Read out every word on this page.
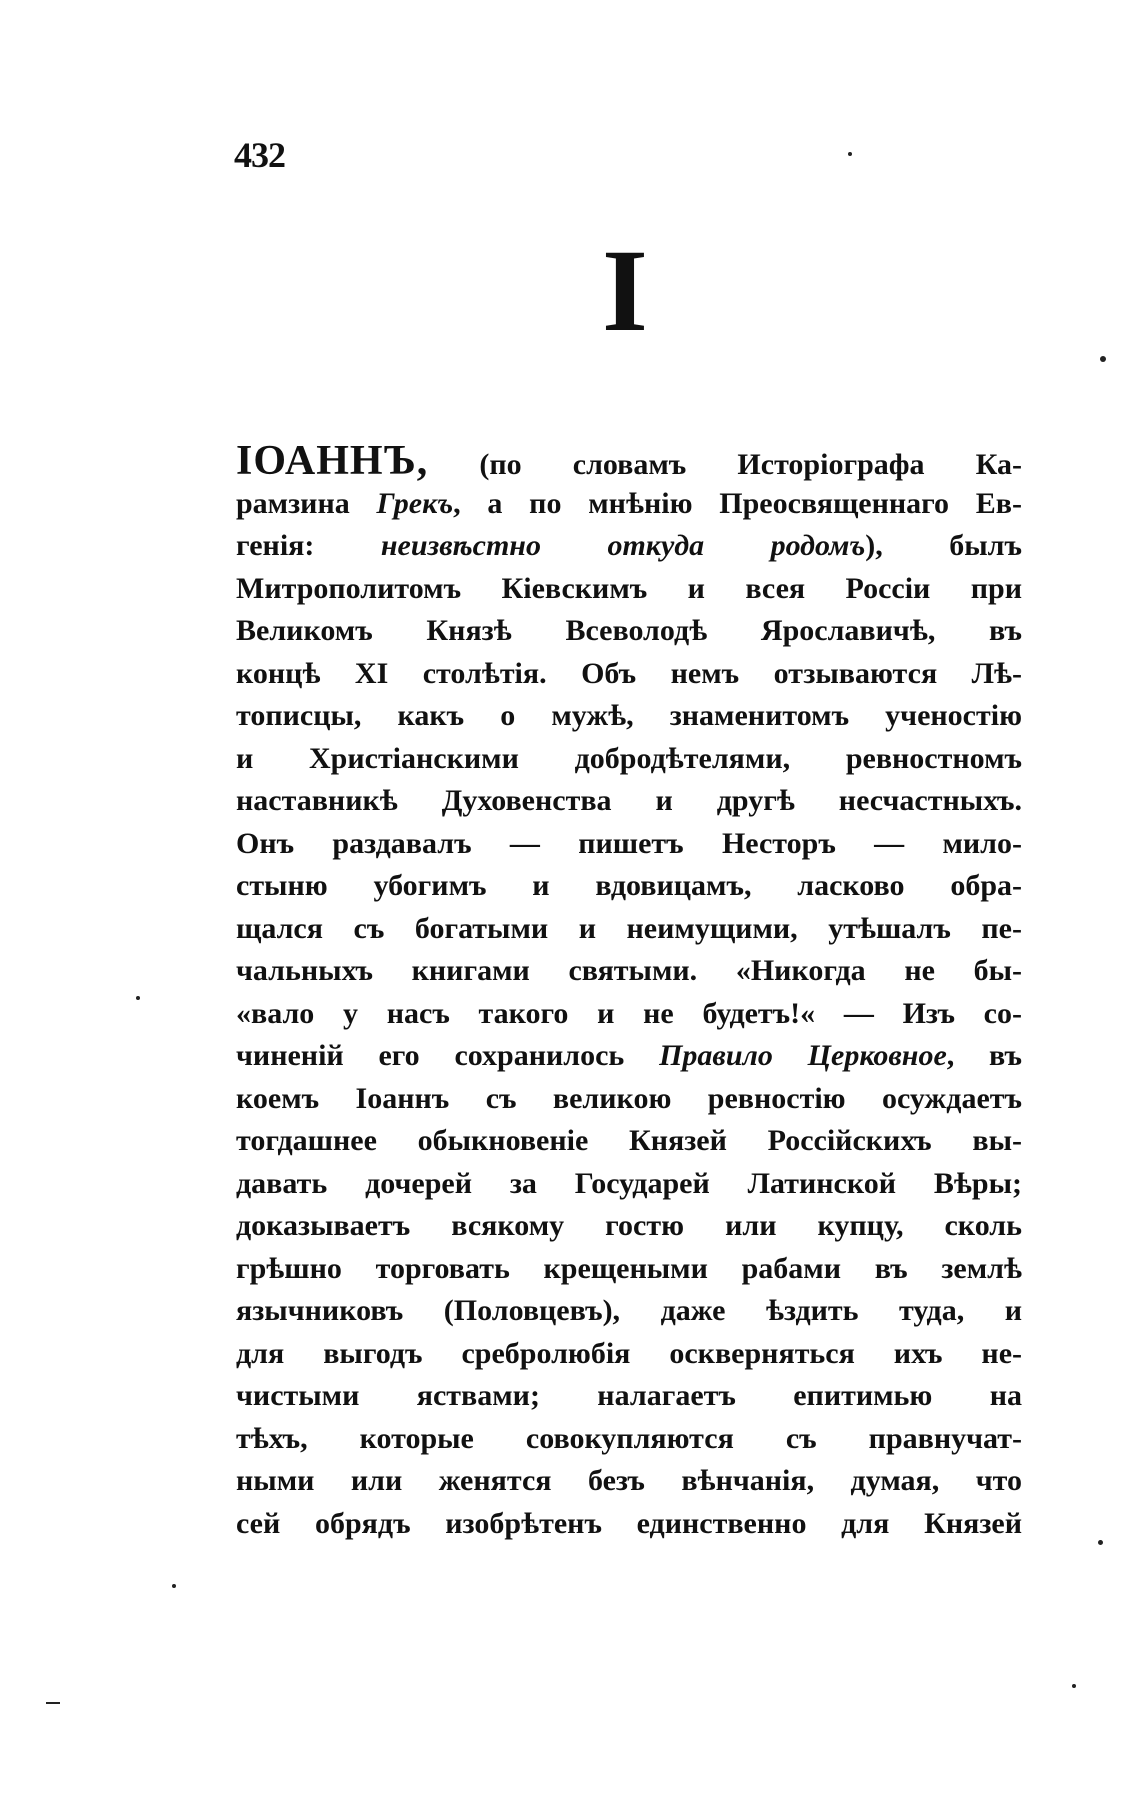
432
I
IОАННЪ, (по словамъ Исторіографа Ка-
рамзина Грекъ, а по мнѣнію Преосвященнаго Ев-
генія: неизвѣстно откуда родомъ), былъ
Митрополитомъ Кіевскимъ и всея Россіи при
Великомъ Князѣ Всеволодѣ Ярославичѣ, въ
концѣ XI столѣтія. Объ немъ отзываются Лѣ-
тописцы, какъ о мужѣ, знаменитомъ ученостію
и Христіанскими добродѣтелями, ревностномъ
наставникѣ Духовенства и другѣ несчастныхъ.
Онъ раздавалъ — пишетъ Несторъ — мило-
стыню убогимъ и вдовицамъ, ласково обра-
щался съ богатыми и неимущими, утѣшалъ пе-
чальныхъ книгами святыми. «Никогда не бы-
«вало у насъ такого и не будетъ!« — Изъ со-
чиненій его сохранилось Правило Церковное, въ
коемъ Іоаннъ съ великою ревностію осуждаетъ
тогдашнее обыкновеніе Князей Россійскихъ вы-
давать дочерей за Государей Латинской Вѣры;
доказываетъ всякому гостю или купцу, сколь
грѣшно торговать крещеными рабами въ землѣ
язычниковъ (Половцевъ), даже ѣздить туда, и
для выгодъ сребролюбія оскверняться ихъ не-
чистыми яствами; налагаетъ епитимью на
тѣхъ, которые совокупляются съ правнучат-
ными или женятся безъ вѣнчанія, думая, что
сей обрядъ изобрѣтенъ единственно для Князей
